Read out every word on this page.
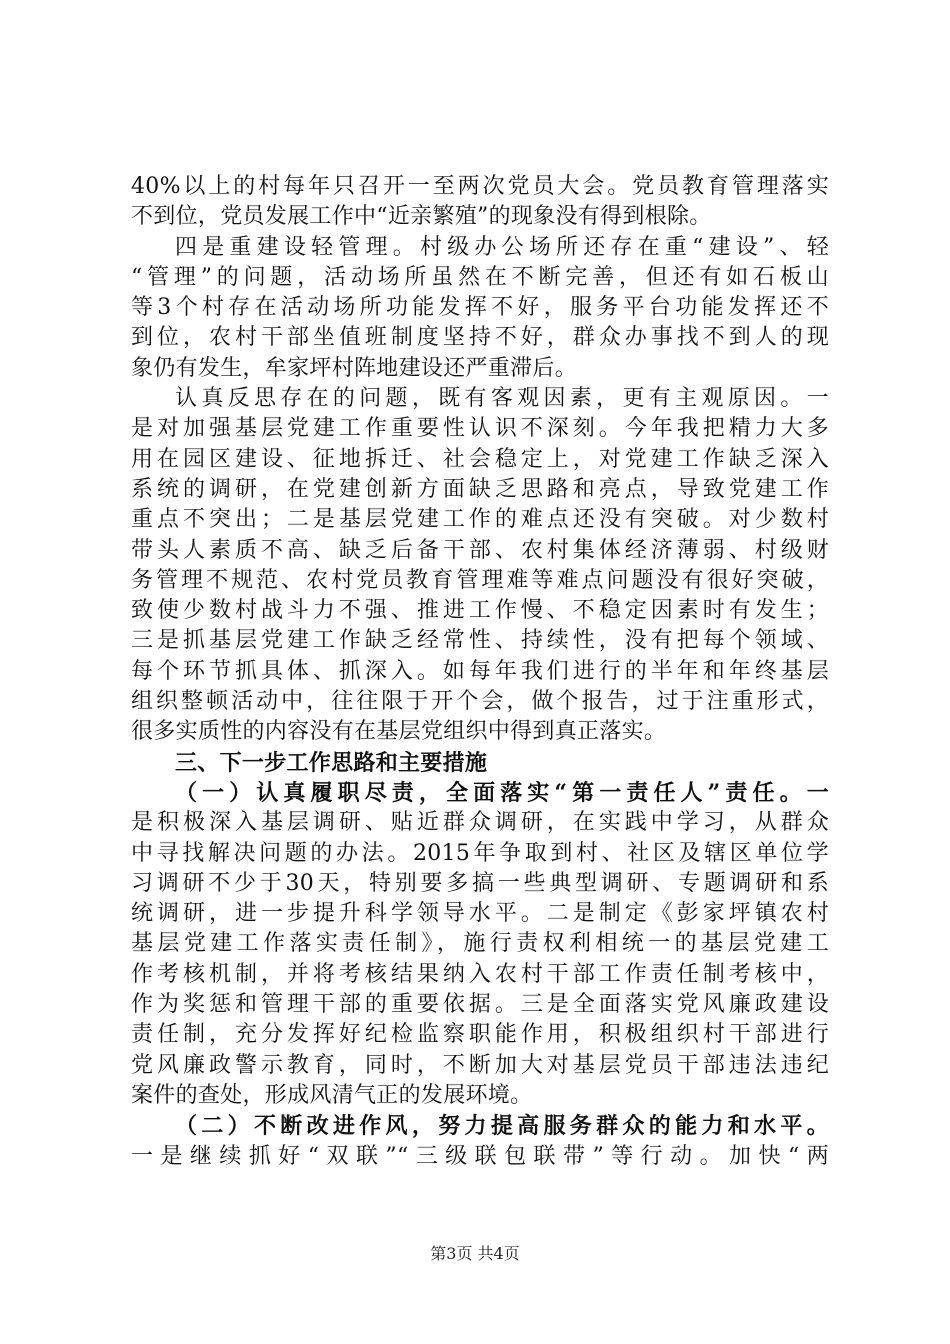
40%以上的村每年只召开一至两次党员大会。党员教育管理落实
不到位，党员发展工作中“近亲繁殖”的现象没有得到根除。
四是重建设轻管理。村级办公场所还存在重“建设”、轻
“管理”的问题，活动场所虽然在不断完善，但还有如石板山
等3个村存在活动场所功能发挥不好，服务平台功能发挥还不
到位，农村干部坐值班制度坚持不好，群众办事找不到人的现
象仍有发生，牟家坪村阵地建设还严重滞后。
认真反思存在的问题，既有客观因素，更有主观原因。一
是对加强基层党建工作重要性认识不深刻。今年我把精力大多
用在园区建设、征地拆迁、社会稳定上，对党建工作缺乏深入
系统的调研，在党建创新方面缺乏思路和亮点，导致党建工作
重点不突出；二是基层党建工作的难点还没有突破。对少数村
带头人素质不高、缺乏后备干部、农村集体经济薄弱、村级财
务管理不规范、农村党员教育管理难等难点问题没有很好突破，
致使少数村战斗力不强、推进工作慢、不稳定因素时有发生；
三是抓基层党建工作缺乏经常性、持续性，没有把每个领域、
每个环节抓具体、抓深入。如每年我们进行的半年和年终基层
组织整顿活动中，往往限于开个会，做个报告，过于注重形式，
很多实质性的内容没有在基层党组织中得到真正落实。
三、下一步工作思路和主要措施
（一）认真履职尽责，全面落实“第一责任人”责任。一
是积极深入基层调研、贴近群众调研，在实践中学习，从群众
中寻找解决问题的办法。2015年争取到村、社区及辖区单位学
习调研不少于30天，特别要多搞一些典型调研、专题调研和系
统调研，进一步提升科学领导水平。二是制定《彭家坪镇农村
基层党建工作落实责任制》，施行责权利相统一的基层党建工
作考核机制，并将考核结果纳入农村干部工作责任制考核中，
作为奖惩和管理干部的重要依据。三是全面落实党风廉政建设
责任制，充分发挥好纪检监察职能作用，积极组织村干部进行
党风廉政警示教育，同时，不断加大对基层党员干部违法违纪
案件的查处，形成风清气正的发展环境。
（二）不断改进作风，努力提高服务群众的能力和水平。
一是继续抓好“双联”“三级联包联带”等行动。加快“两
第3页 共4页
